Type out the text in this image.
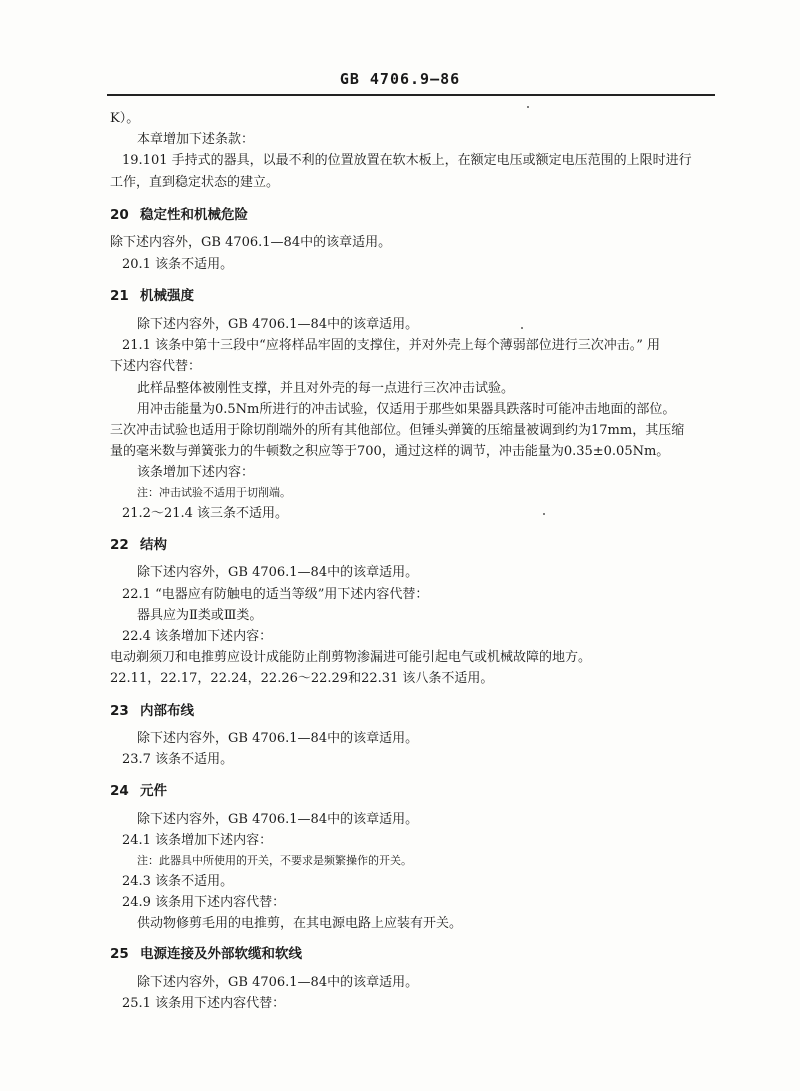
GB 4706.9—86
K）。
本章增加下述条款：
19.101 手持式的器具，以最不利的位置放置在软木板上，在额定电压或额定电压范围的上限时进行
工作，直到稳定状态的建立。
20 稳定性和机械危险
除下述内容外，GB 4706.1—84中的该章适用。
20.1 该条不适用。
21 机械强度
除下述内容外，GB 4706.1—84中的该章适用。
21.1 该条中第十三段中“应将样品牢固的支撑住，并对外壳上每个薄弱部位进行三次冲击。” 用
下述内容代替：
此样品整体被刚性支撑，并且对外壳的每一点进行三次冲击试验。
用冲击能量为0.5Nm所进行的冲击试验，仅适用于那些如果器具跌落时可能冲击地面的部位。
三次冲击试验也适用于除切削端外的所有其他部位。但锤头弹簧的压缩量被调到约为17mm，其压缩
量的毫米数与弹簧张力的牛顿数之积应等于700，通过这样的调节，冲击能量为0.35±0.05Nm。
该条增加下述内容：
注：冲击试验不适用于切削端。
21.2～21.4 该三条不适用。
22 结构
除下述内容外，GB 4706.1—84中的该章适用。
22.1 “电器应有防触电的适当等级”用下述内容代替：
器具应为Ⅱ类或Ⅲ类。
22.4 该条增加下述内容：
电动剃须刀和电推剪应设计成能防止削剪物渗漏进可能引起电气或机械故障的地方。
22.11，22.17，22.24，22.26～22.29和22.31 该八条不适用。
23 内部布线
除下述内容外，GB 4706.1—84中的该章适用。
23.7 该条不适用。
24 元件
除下述内容外，GB 4706.1—84中的该章适用。
24.1 该条增加下述内容：
注：此器具中所使用的开关，不要求是频繁操作的开关。
24.3 该条不适用。
24.9 该条用下述内容代替：
供动物修剪毛用的电推剪，在其电源电路上应装有开关。
25 电源连接及外部软缆和软线
除下述内容外，GB 4706.1—84中的该章适用。
25.1 该条用下述内容代替：
